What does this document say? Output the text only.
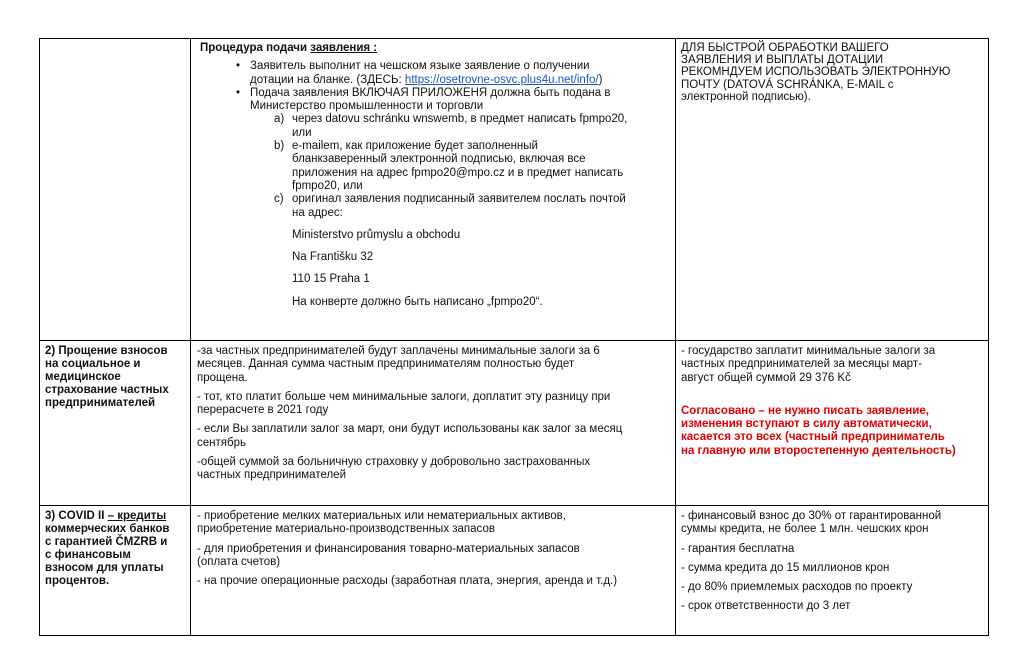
Процедура подачи заявления :

• Заявитель выполнит на чешском языке заявление о получении
дотации на бланке. (ЗДЕСЬ: https://osetrovne-osvc.plus4u.net/info/)
• Подача заявления ВКЛЮЧАЯ ПРИЛОЖЕНЯ должна быть подана в
Министерство промышленности и торговли
a) через datovu schránku wnswemb, в предмет написать fpmpo20,
или
b) e-mailem, как приложение будет заполненный
бланкзаверенный электронной подписью, включая все
приложения на адрес fpmpo20@mpo.cz и в предмет написать
fpmpo20, или
c) оригинал заявления подписанный заявителем послать почтой
на адрес:

Ministerstvo průmyslu a obchodu

Na Františku 32

110 15 Praha 1

На конверте должно быть написано „fpmpo20“.

ДЛЯ БЫСТРОЙ ОБРАБОТКИ ВАШЕГО
ЗАЯВЛЕНИЯ И ВЫПЛАТЫ ДОТАЦИИ
РЕКОМНДУЕМ ИСПОЛЬЗОВАТЬ ЭЛЕКТРОННУЮ
ПОЧТУ (DATOVÁ SCHRÁNKA, E-MAIL с
электронной подписью).
2) Прощение взносов
на социальное и
медицинское
страхование частных
предпринимателей
-за частных предпринимателей будут заплачены минимальные залоги за 6
месяцев. Данная сумма частным предпринимателям полностью будет
прощена.
- тот, кто платит больше чем минимальные залоги, доплатит эту разницу при
перерасчете в 2021 году
- если Вы заплатили залог за март, они будут использованы как залог за месяц
сентябрь
-общей суммой за больничную страховку у добровольно застрахованных
частных предпринимателей
- государство заплатит минимальные залоги за
частных предпринимателей за месяцы март-
август общей суммой 29 376 Kč
Согласовано – не нужно писать заявление,
изменения вступают в силу автоматически,
касается это всех (частный предприниматель
на главную или второстепенную деятельность)
3) COVID II – кредиты
коммерческих банков
с гарантией ČMZRB и
с финансовым
взносом для уплаты
процентов.
- приобретение мелких материальных или нематериальных активов,
приобретение материально-производственных запасов
- для приобретения и финансирования товарно-материальных запасов
(оплата счетов)
- на прочие операционные расходы (заработная плата, энергия, аренда и т.д.)
- финансовый взнос до 30% от гарантированной
суммы кредита, не более 1 млн. чешских крон
- гарантия бесплатна
- сумма кредита до 15 миллионов крон
- до 80% приемлемых расходов по проекту
- срок ответственности до 3 лет
